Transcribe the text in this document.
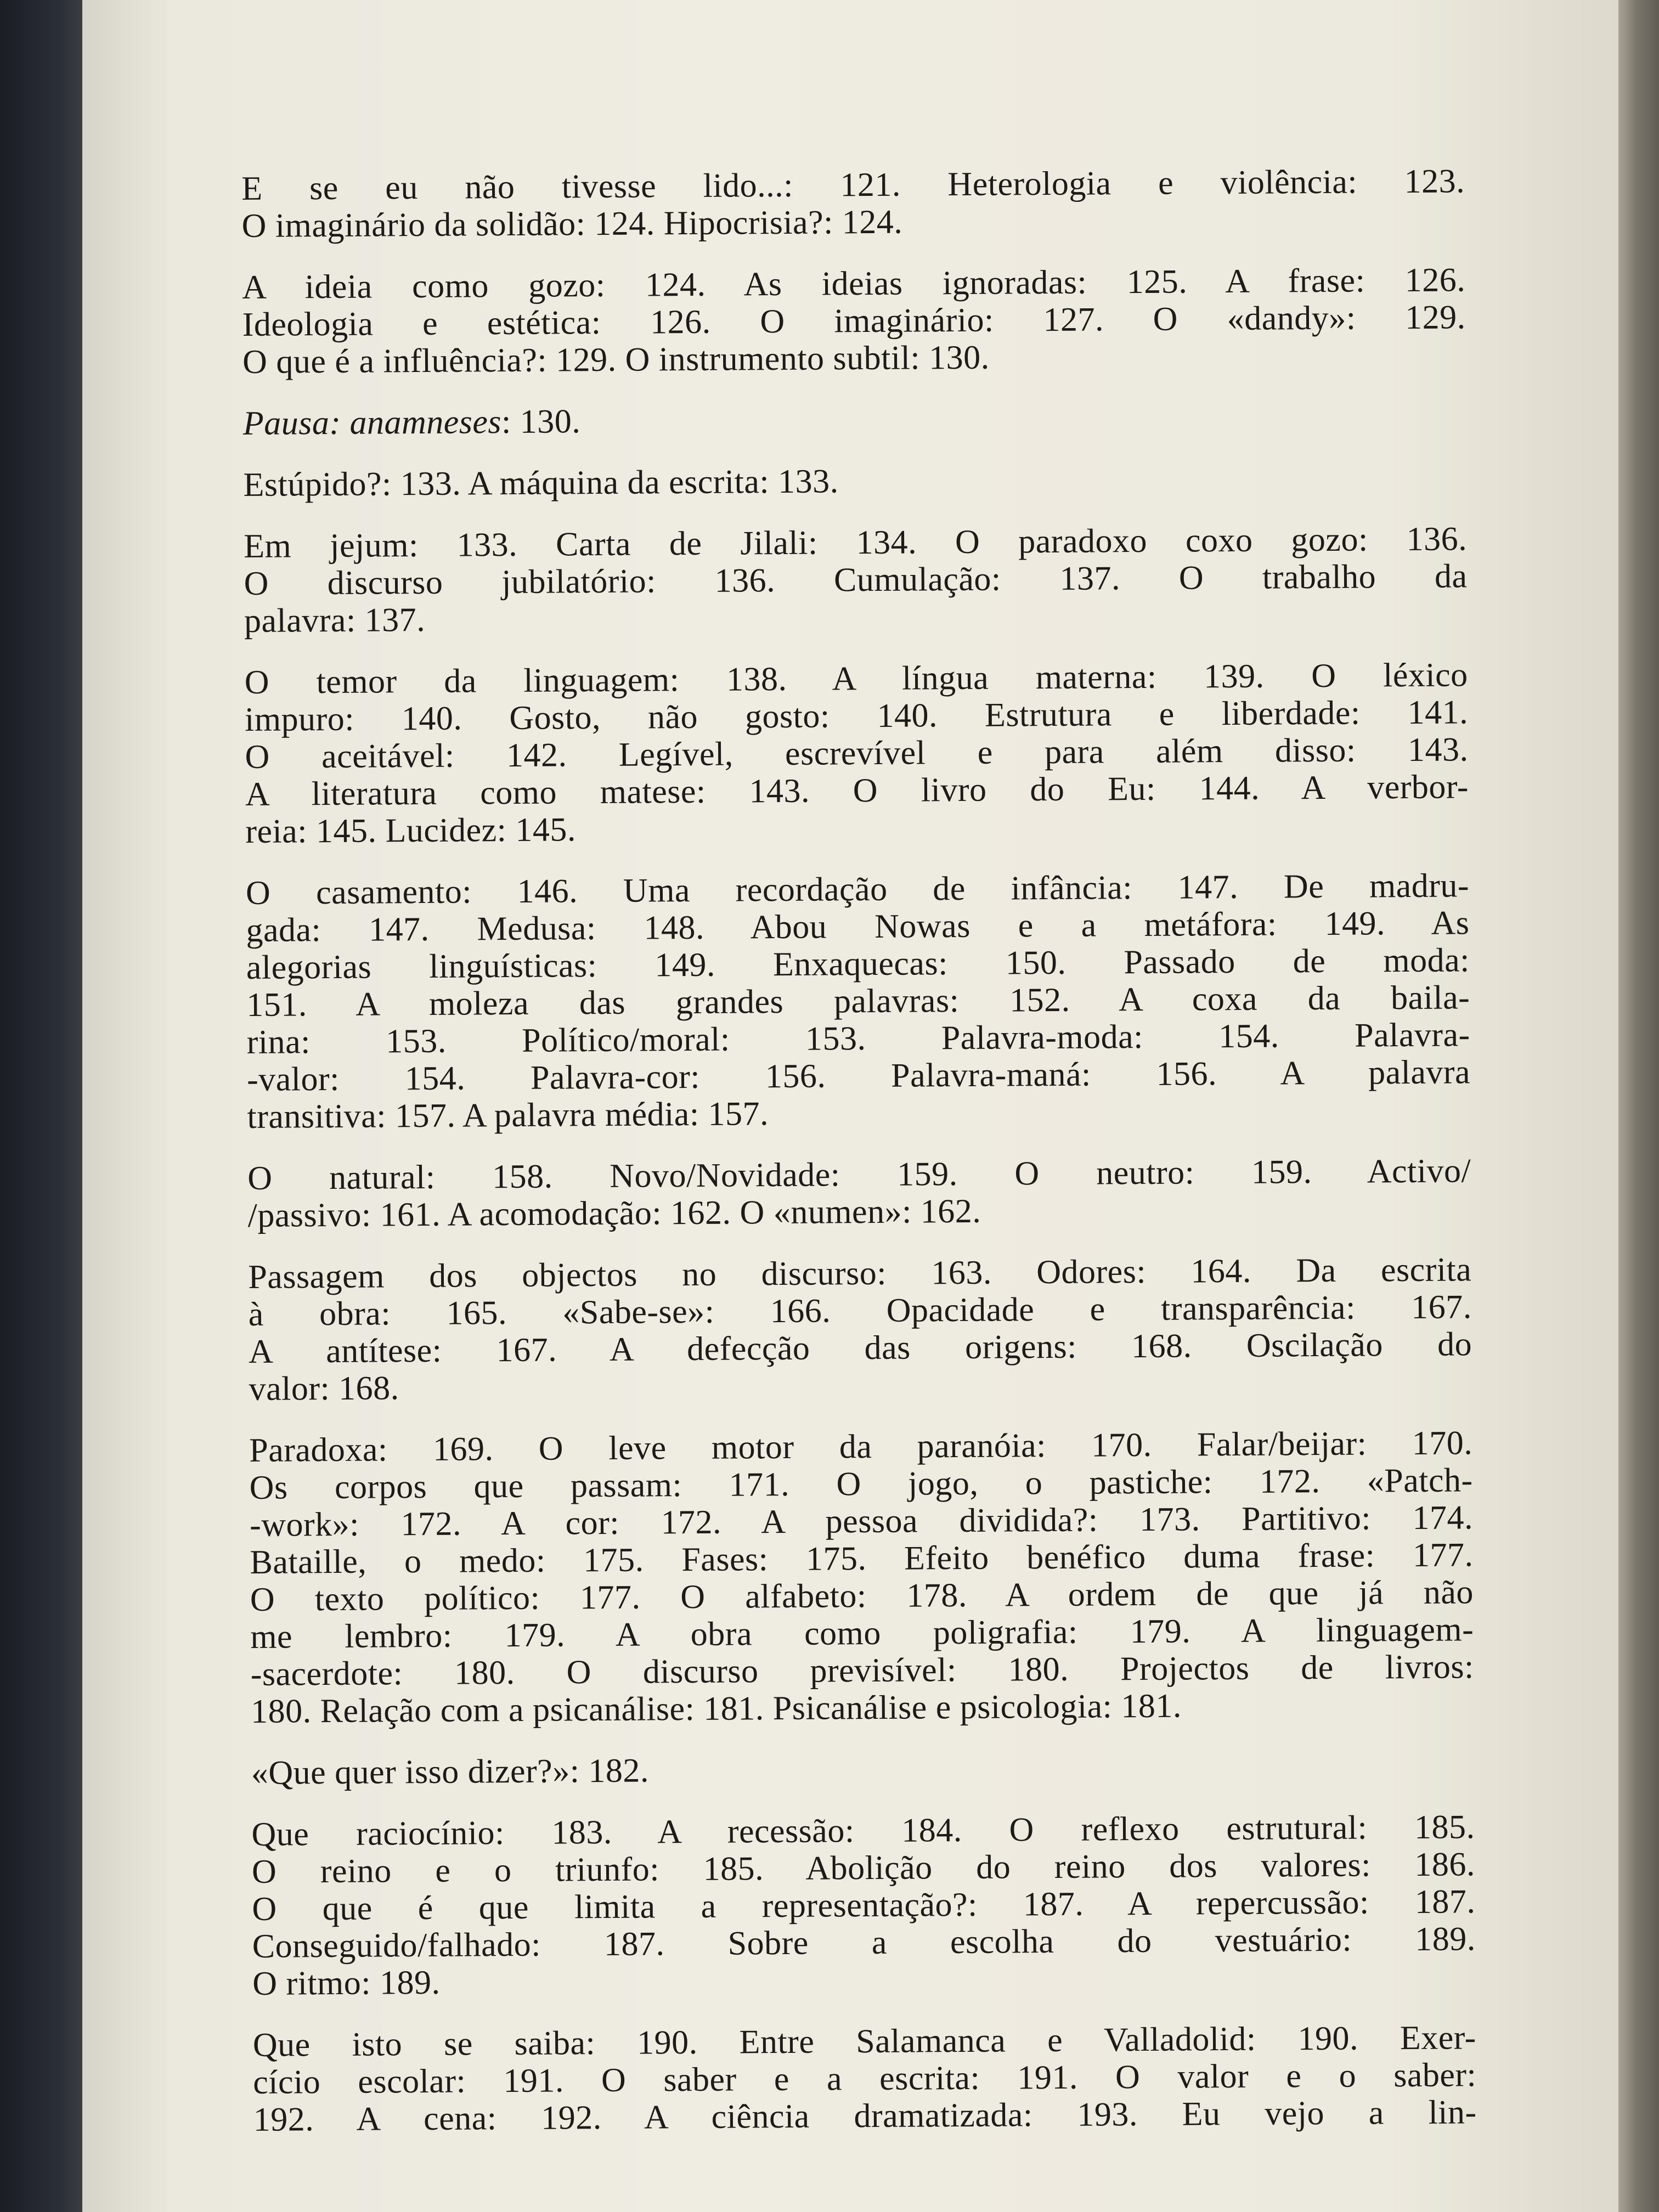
E se eu não tivesse lido...: 121. Heterologia e violência: 123.
O imaginário da solidão: 124. Hipocrisia?: 124.

A ideia como gozo: 124. As ideias ignoradas: 125. A frase: 126.
Ideologia e estética: 126. O imaginário: 127. O «dandy»: 129.
O que é a influência?: 129. O instrumento subtil: 130.

Pausa: anamneses: 130.

Estúpido?: 133. A máquina da escrita: 133.

Em jejum: 133. Carta de Jilali: 134. O paradoxo coxo gozo: 136.
O discurso jubilatório: 136. Cumulação: 137. O trabalho da
palavra: 137.

O temor da linguagem: 138. A língua materna: 139. O léxico
impuro: 140. Gosto, não gosto: 140. Estrutura e liberdade: 141.
O aceitável: 142. Legível, escrevível e para além disso: 143.
A literatura como matese: 143. O livro do Eu: 144. A verbor-
reia: 145. Lucidez: 145.

O casamento: 146. Uma recordação de infância: 147. De madru-
gada: 147. Medusa: 148. Abou Nowas e a metáfora: 149. As
alegorias linguísticas: 149. Enxaquecas: 150. Passado de moda:
151. A moleza das grandes palavras: 152. A coxa da baila-
rina: 153. Político/moral: 153. Palavra-moda: 154. Palavra-
-valor: 154. Palavra-cor: 156. Palavra-maná: 156. A palavra
transitiva: 157. A palavra média: 157.

O natural: 158. Novo/Novidade: 159. O neutro: 159. Activo/
/passivo: 161. A acomodação: 162. O «numen»: 162.

Passagem dos objectos no discurso: 163. Odores: 164. Da escrita
à obra: 165. «Sabe-se»: 166. Opacidade e transparência: 167.
A antítese: 167. A defecção das origens: 168. Oscilação do
valor: 168.

Paradoxa: 169. O leve motor da paranóia: 170. Falar/beijar: 170.
Os corpos que passam: 171. O jogo, o pastiche: 172. «Patch-
-work»: 172. A cor: 172. A pessoa dividida?: 173. Partitivo: 174.
Bataille, o medo: 175. Fases: 175. Efeito benéfico duma frase: 177.
O texto político: 177. O alfabeto: 178. A ordem de que já não
me lembro: 179. A obra como poligrafia: 179. A linguagem-
-sacerdote: 180. O discurso previsível: 180. Projectos de livros:
180. Relação com a psicanálise: 181. Psicanálise e psicologia: 181.

«Que quer isso dizer?»: 182.

Que raciocínio: 183. A recessão: 184. O reflexo estrutural: 185.
O reino e o triunfo: 185. Abolição do reino dos valores: 186.
O que é que limita a representação?: 187. A repercussão: 187.
Conseguido/falhado: 187. Sobre a escolha do vestuário: 189.
O ritmo: 189.

Que isto se saiba: 190. Entre Salamanca e Valladolid: 190. Exer-
cício escolar: 191. O saber e a escrita: 191. O valor e o saber:
192. A cena: 192. A ciência dramatizada: 193. Eu vejo a lin-
